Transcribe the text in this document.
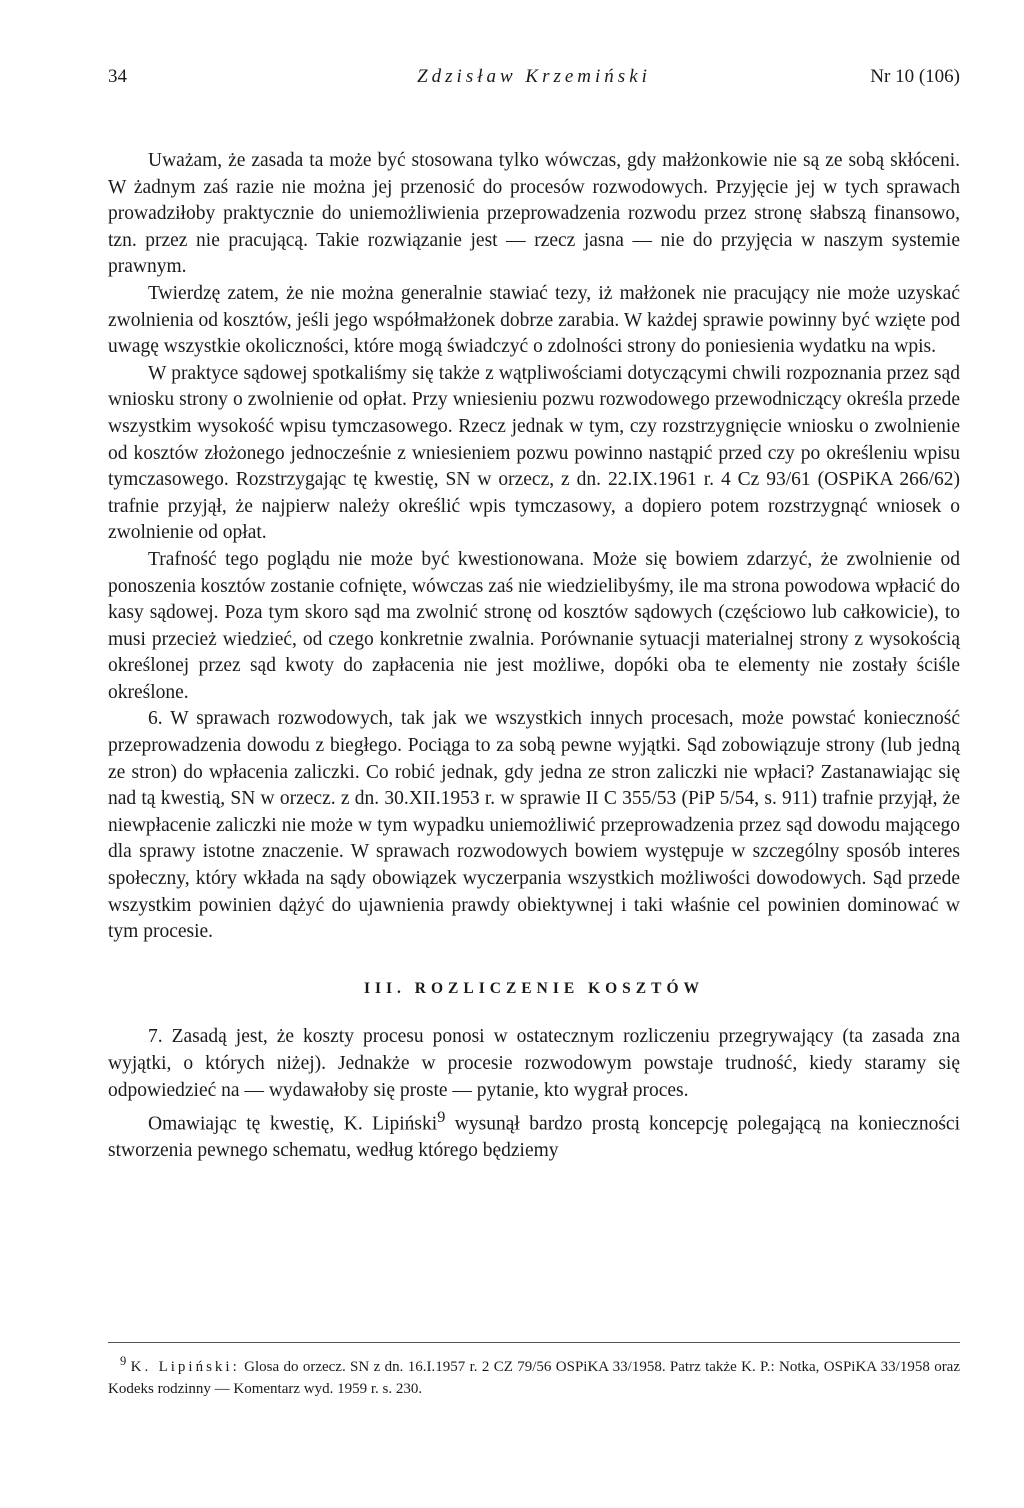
34	Zdzisław Krzemiński	Nr 10 (106)

Uważam, że zasada ta może być stosowana tylko wówczas, gdy małżonkowie nie są ze sobą skłóceni. W żadnym zaś razie nie można jej przenosić do procesów rozwodowych. Przyjęcie jej w tych sprawach prowadziłoby praktycznie do uniemożliwienia przeprowadzenia rozwodu przez stronę słabszą finansowo, tzn. przez nie pracującą. Takie rozwiązanie jest — rzecz jasna — nie do przyjęcia w naszym systemie prawnym.

Twierdzę zatem, że nie można generalnie stawiać tezy, iż małżonek nie pracujący nie może uzyskać zwolnienia od kosztów, jeśli jego współmałżonek dobrze zarabia. W każdej sprawie powinny być wzięte pod uwagę wszystkie okoliczności, które mogą świadczyć o zdolności strony do poniesienia wydatku na wpis.

W praktyce sądowej spotkaliśmy się także z wątpliwościami dotyczącymi chwili rozpoznania przez sąd wniosku strony o zwolnienie od opłat. Przy wniesieniu pozwu rozwodowego przewodniczący określa przede wszystkim wysokość wpisu tymczasowego. Rzecz jednak w tym, czy rozstrzygnięcie wniosku o zwolnienie od kosztów złożonego jednocześnie z wniesieniem pozwu powinno nastąpić przed czy po określeniu wpisu tymczasowego. Rozstrzygając tę kwestię, SN w orzecz, z dn. 22.IX.1961 r. 4 Cz 93/61 (OSPiKA 266/62) trafnie przyjął, że najpierw należy określić wpis tymczasowy, a dopiero potem rozstrzygnąć wniosek o zwolnienie od opłat.

Trafność tego poglądu nie może być kwestionowana. Może się bowiem zdarzyć, że zwolnienie od ponoszenia kosztów zostanie cofnięte, wówczas zaś nie wiedzielibyśmy, ile ma strona powodowa wpłacić do kasy sądowej. Poza tym skoro sąd ma zwolnić stronę od kosztów sądowych (częściowo lub całkowicie), to musi przecież wiedzieć, od czego konkretnie zwalnia. Porównanie sytuacji materialnej strony z wysokością określonej przez sąd kwoty do zapłacenia nie jest możliwe, dopóki oba te elementy nie zostały ściśle określone.

6. W sprawach rozwodowych, tak jak we wszystkich innych procesach, może powstać konieczność przeprowadzenia dowodu z biegłego. Pociąga to za sobą pewne wyjątki. Sąd zobowiązuje strony (lub jedną ze stron) do wpłacenia zaliczki. Co robić jednak, gdy jedna ze stron zaliczki nie wpłaci? Zastanawiając się nad tą kwestią, SN w orzecz. z dn. 30.XII.1953 r. w sprawie II C 355/53 (PiP 5/54, s. 911) trafnie przyjął, że niewpłacenie zaliczki nie może w tym wypadku uniemożliwić przeprowadzenia przez sąd dowodu mającego dla sprawy istotne znaczenie. W sprawach rozwodowych bowiem występuje w szczególny sposób interes społeczny, który wkłada na sądy obowiązek wyczerpania wszystkich możliwości dowodowych. Sąd przede wszystkim powinien dążyć do ujawnienia prawdy obiektywnej i taki właśnie cel powinien dominować w tym procesie.

III. ROZLICZENIE KOSZTÓW

7. Zasadą jest, że koszty procesu ponosi w ostatecznym rozliczeniu przegrywający (ta zasada zna wyjątki, o których niżej). Jednakże w procesie rozwodowym powstaje trudność, kiedy staramy się odpowiedzieć na — wydawałoby się proste — pytanie, kto wygrał proces.

Omawiając tę kwestię, K. Lipiński$^9$ wysunął bardzo prostą koncepcję polegającą na konieczności stworzenia pewnego schematu, według którego będziemy

$^9$ K. Lipiński: Glosa do orzecz. SN z dn. 16.I.1957 r. 2 CZ 79/56 OSPiKA 33/1958. Patrz także K. P.: Notka, OSPiKA 33/1958 oraz Kodeks rodzinny — Komentarz wyd. 1959 r. s. 230.
